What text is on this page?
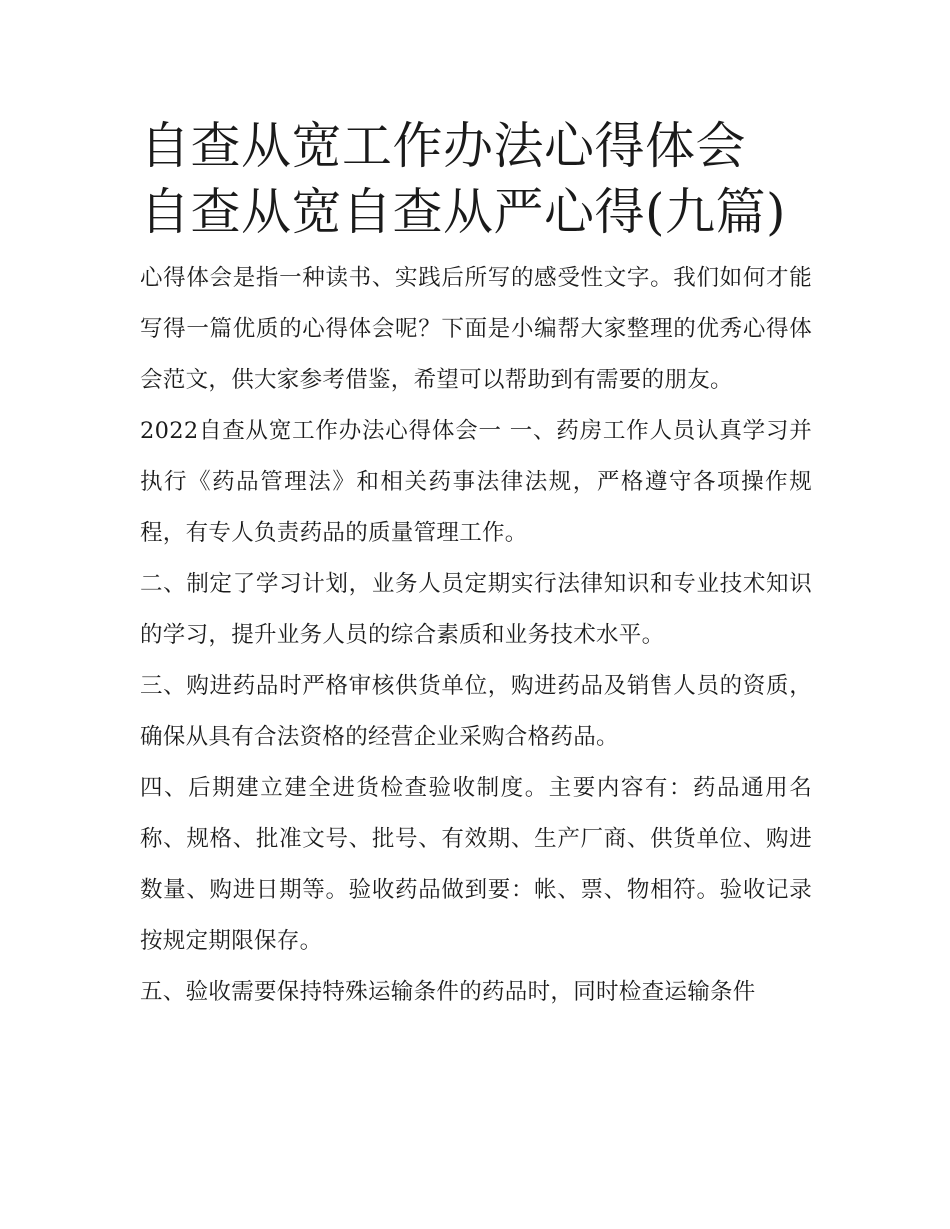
自查从宽工作办法心得体会 自查从宽自查从严心得(九篇)

心得体会是指一种读书、实践后所写的感受性文字。我们如何才能写得一篇优质的心得体会呢？下面是小编帮大家整理的优秀心得体会范文，供大家参考借鉴，希望可以帮助到有需要的朋友。

2022自查从宽工作办法心得体会一 一、药房工作人员认真学习并执行《药品管理法》和相关药事法律法规，严格遵守各项操作规程，有专人负责药品的质量管理工作。

二、制定了学习计划，业务人员定期实行法律知识和专业技术知识的学习，提升业务人员的综合素质和业务技术水平。

三、购进药品时严格审核供货单位，购进药品及销售人员的资质，确保从具有合法资格的经营企业采购合格药品。

四、后期建立建全进货检查验收制度。主要内容有：药品通用名称、规格、批准文号、批号、有效期、生产厂商、供货单位、购进数量、购进日期等。验收药品做到要：帐、票、物相符。验收记录按规定期限保存。

五、验收需要保持特殊运输条件的药品时，同时检查运输条件
